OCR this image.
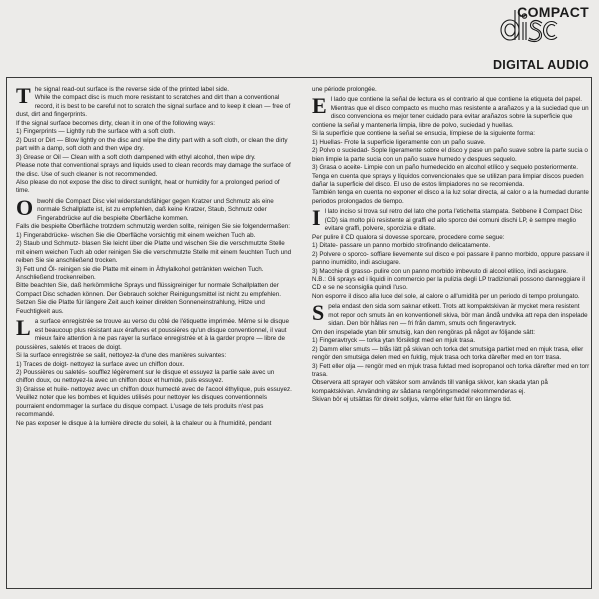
COMPACT
DIGITAL AUDIO
T he signal read-out surface is the reverse side of the printed label side.

While the compact disc is much more resistant to scratches and dirt than a conventional record, it is best to be careful not to scratch the signal surface and to keep it clean — free of dust, dirt and fingerprints.

If the signal surface becomes dirty, clean it in one of the following ways:

1) Fingerprints — Lightly rub the surface with a soft cloth.

2) Dust or Dirt — Blow lightly on the disc and wipe the dirty part with a soft cloth, or clean the dirty part with a damp, soft cloth and then wipe dry.

3) Grease or Oil — Clean with a soft cloth dampened with ethyl alcohol, then wipe dry.

Please note that conventional sprays and liquids used to clean records may damage the surface of the disc. Use of such cleaner is not recommended.

Also please do not expose the disc to direct sunlight, heat or humidity for a prolonged period of time.

O bwohl die Compact Disc viel widerstandsfähiger gegen Kratzer und Schmutz als eine normale Schallplatte ist, ist zu empfehlen, daß keine Kratzer, Staub, Schmutz oder Fingerabdrücke auf die bespielte Oberfläche kommen.

Falls die bespielte Oberfläche trotzdem schmutzig werden sollte, reinigen Sie sie folgendermaßen:

1) Fingerabdrücke- wischen Sie die Oberfläche vorsichtig mit einem weichen Tuch ab.

2) Staub und Schmutz- blasen Sie leicht über die Platte und wischen Sie die verschmutzte Stelle mit einem weichen Tuch ab oder reinigen Sie die verschmutzte Stelle mit einem feuchten Tuch und reiben Sie sie anschließend trocken.

3) Fett und Öl- reinigen sie die Platte mit einem in Äthylalkohol getränkten weichen Tuch. Anschließend trockenreiben.

Bitte beachten Sie, daß herkömmliche Sprays und flüssigreiniger fur normale Schallplatten der Compact Disc schaden können. Der Gebrauch solcher Reinigungsmittel ist nicht zu empfehlen. Setzen Sie die Platte für längere Zeit auch keiner direkten Sonneneinstrahlung, Hitze und Feuchtigkeit aus.

L a surface enregistrée se trouve au verso du côté de l'étiquette imprimée. Même si le disque est beaucoup plus résistant aux éraflures et poussières qu'un disque conventionnel, il vaut mieux faire attention à ne pas rayer la surface enregistrée et à la garder propre — libre de poussières, saletés et traces de doigt.

Si la surface enregistrée se salit, nettoyez-la d'une des manières suivantes:

1) Traces de doigt- nettoyez la surface avec un chiffon doux.

2) Poussières ou saletés- soufflez légèrement sur le disque et essuyez la partie sale avec un chiffon doux, ou nettoyez-la avec un chiffon doux et humide, puis essuyez.

3) Graisse et huile- nettoyez avec un chiffon doux humecté avec de l'acool éthylique, puis essuyez.

Veuillez noter que les bombes et liquides utilisés pour nettoyer les disques conventionnels pourraient endommager la surface du disque compact. L'usage de tels produits n'est pas recommandé.

Ne pas exposer le disque à la lumière directe du soleil, à la chaleur ou à l'humidité, pendant

une période prolongée.

E l lado que contiene la señal de lectura es el contrario al que contiene la etiqueta del papel. Mientras que el disco compacto es mucho mas resistente a arañazos y a la suciedad que un disco convenciona es mejor tener cuidado para evitar arañazos sobre la superficie que contiene la señal y mantenerla limpia, libre de polvo, suciedad y huellas.

Si la superficie que contiene la señal se ensucia, límpiese de la siguiente forma:

1) Huellas- Frote la superficie ligeramente con un paño suave.

2) Polvo o suciedad- Sople ligeramente sobre el disco y pase un paño suave sobre la parte sucia o bien limpie la parte sucia con un paño suave humedo y despues sequelo.

3) Grasa o aceite- Limpie con un paño humedecido en alcohol etílico y sequelo posteriormente.

Tenga en cuenta que sprays y líquidos convencionales que se utilizan para limpiar discos pueden dañar la superficie del disco. El uso de estos limpiadores no se recomienda.

También tenga en cuenta no exponer el disco a la luz solar directa, al calor o a la humedad durante periodos prolongados de tiempo.

I l lato inciso si trova sul retro del lato che porta l'etichetta stampata. Sebbene il Compact Disc (CD) sia molto più resistente ai graffi ed allo sporco dei comuni dischi LP, è sempre meglio evitare graffi, polvere, sporcizia e ditate.

Per pulire il CD qualora si dovesse sporcare, procedere come segue:

1) Ditate- passare un panno morbido strofinando delicatamente.

2) Polvere o sporco- soffiare lievemente sul disco e poi passare il panno morbido, oppure passare il panno inumidito, indi asciugare.

3) Macchie di grasso- pulire con un panno morbido imbevuto di alcool etilico, indi asciugare.

N.B.: Gli sprays ed i liquidi in commercio per la pulizia degli LP tradizionali possono danneggiare il CD e se ne sconsiglia quindi l'uso.

Non esporre il disco alla luce del sole, al calore o all'umidità per un periodo di tempo prolungato.

S pela endast den sida som saknar etikett. Trots att kompaktskivan är mycket mera resistent mot repor och smuts än en konventionell skiva, bör man ändå undvika att repa den inspelade sidan. Den bör hållas ren — fri från damm, smuts och fingeravtryck.

Om den inspelade ytan blir smutsig, kan den rengöras på något av följande sätt:

1) Fingeravtryck — torka ytan försiktigt med en mjuk trasa.

2) Damm eller smuts — blås lätt på skivan och torka det smutsiga partiet med en mjuk trasa, eller rengör den smutsiga delen med en fuktig, mjuk trasa och torka därefter med en torr trasa.

3) Fett eller olja — rengör med en mjuk trasa fuktad med isopropanol och torka därefter med en torr trasa.

Observera att sprayer och vätskor som används till vanliga skivor, kan skada ytan på kompaktskivan. Användning av sådana rengöringsmedel rekommenderas ej.

Skivan bör ej utsättas för direkt solljus, värme eller fukt för en längre tid.
